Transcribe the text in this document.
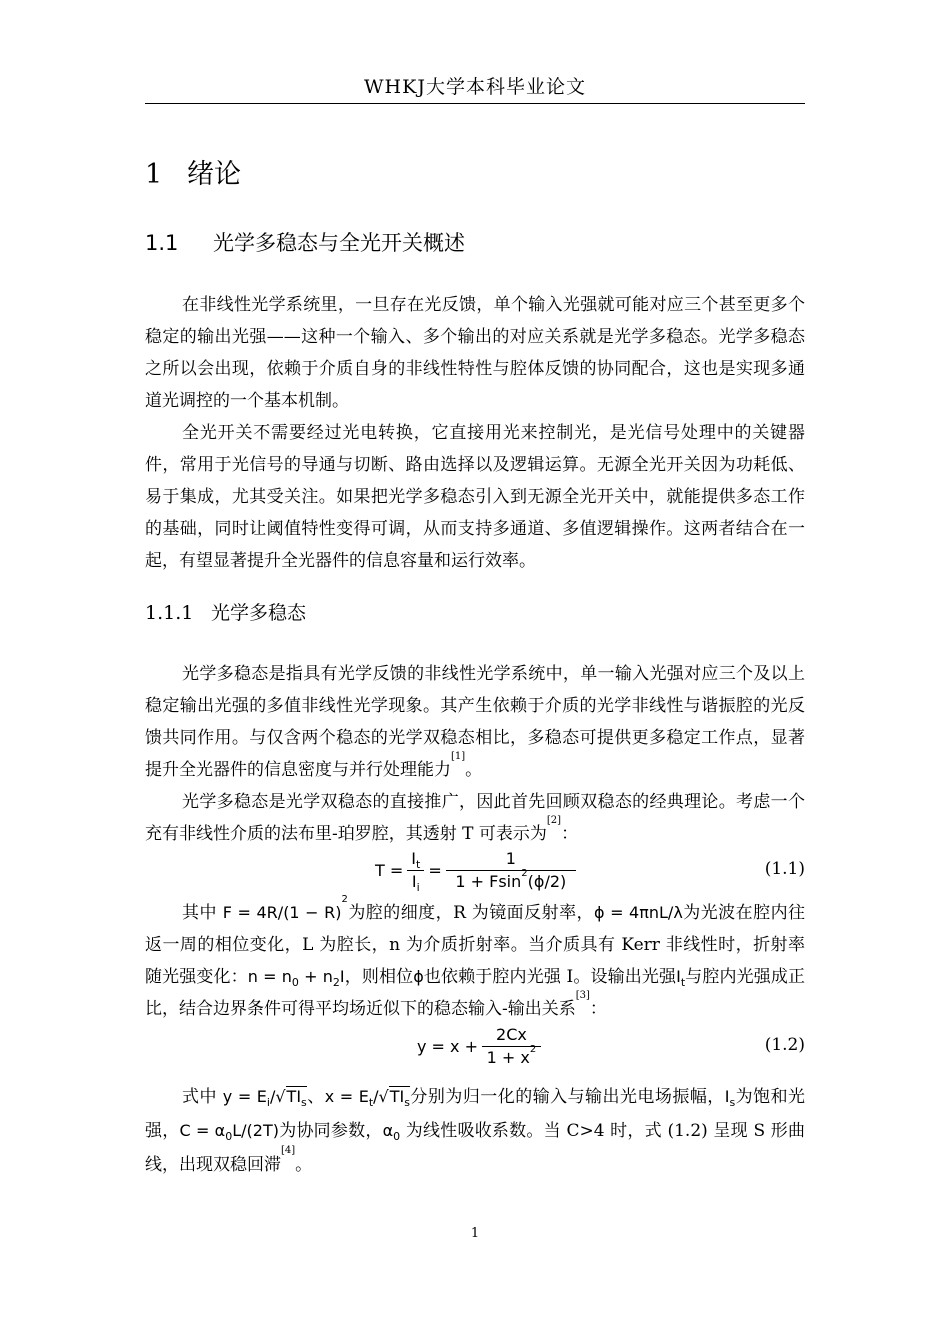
WHKJ大学本科毕业论文
1 绪论
1.1 光学多稳态与全光开关概述

在非线性光学系统里，一旦存在光反馈，单个输入光强就可能对应三个甚至更多个稳定的输出光强——这种一个输入、多个输出的对应关系就是光学多稳态。光学多稳态之所以会出现，依赖于介质自身的非线性特性与腔体反馈的协同配合，这也是实现多通道光调控的一个基本机制。

全光开关不需要经过光电转换，它直接用光来控制光，是光信号处理中的关键器件，常用于光信号的导通与切断、路由选择以及逻辑运算。无源全光开关因为功耗低、易于集成，尤其受关注。如果把光学多稳态引入到无源全光开关中，就能提供多态工作的基础，同时让阈值特性变得可调，从而支持多通道、多值逻辑操作。这两者结合在一起，有望显著提升全光器件的信息容量和运行效率。

1.1.1 光学多稳态

光学多稳态是指具有光学反馈的非线性光学系统中，单一输入光强对应三个及以上稳定输出光强的多值非线性光学现象。其产生依赖于介质的光学非线性与谐振腔的光反馈共同作用。与仅含两个稳态的光学双稳态相比，多稳态可提供更多稳定工作点，显著提升全光器件的信息密度与并行处理能力[1]。

光学多稳态是光学双稳态的直接推广，因此首先回顾双稳态的经典理论。考虑一个充有非线性介质的法布里-珀罗腔，其透射 T 可表示为[2]：

$T = \frac{I_t}{I_i} = \frac{1}{1 + Fsin^2(\phi/2)}$	(1.1)

其中 $F = 4R/(1 - R)^2$为腔的细度，R 为镜面反射率，ϕ = 4πnL/λ为光波在腔内往返一周的相位变化，L 为腔长，n 为介质折射率。当介质具有 Kerr 非线性时，折射率随光强变化：$n = n_0 + n_2I$，则相位ϕ也依赖于腔内光强 I。设输出光强$I_t$与腔内光强成正比，结合边界条件可得平均场近似下的稳态输入-输出关系[3]：

$y = x + \frac{2Cx}{1 + x^2}$	(1.2)

式中 $y = E_i/√TI_s$、$x = E_t/√TI_s$分别为归一化的输入与输出光电场振幅，$I_s$为饱和光强，$C = \alpha_0L/(2T)$为协同参数，$\alpha_0$ 为线性吸收系数。当 C>4 时，式 (1.2) 呈现 S 形曲线，出现双稳回滞[4]。

1
